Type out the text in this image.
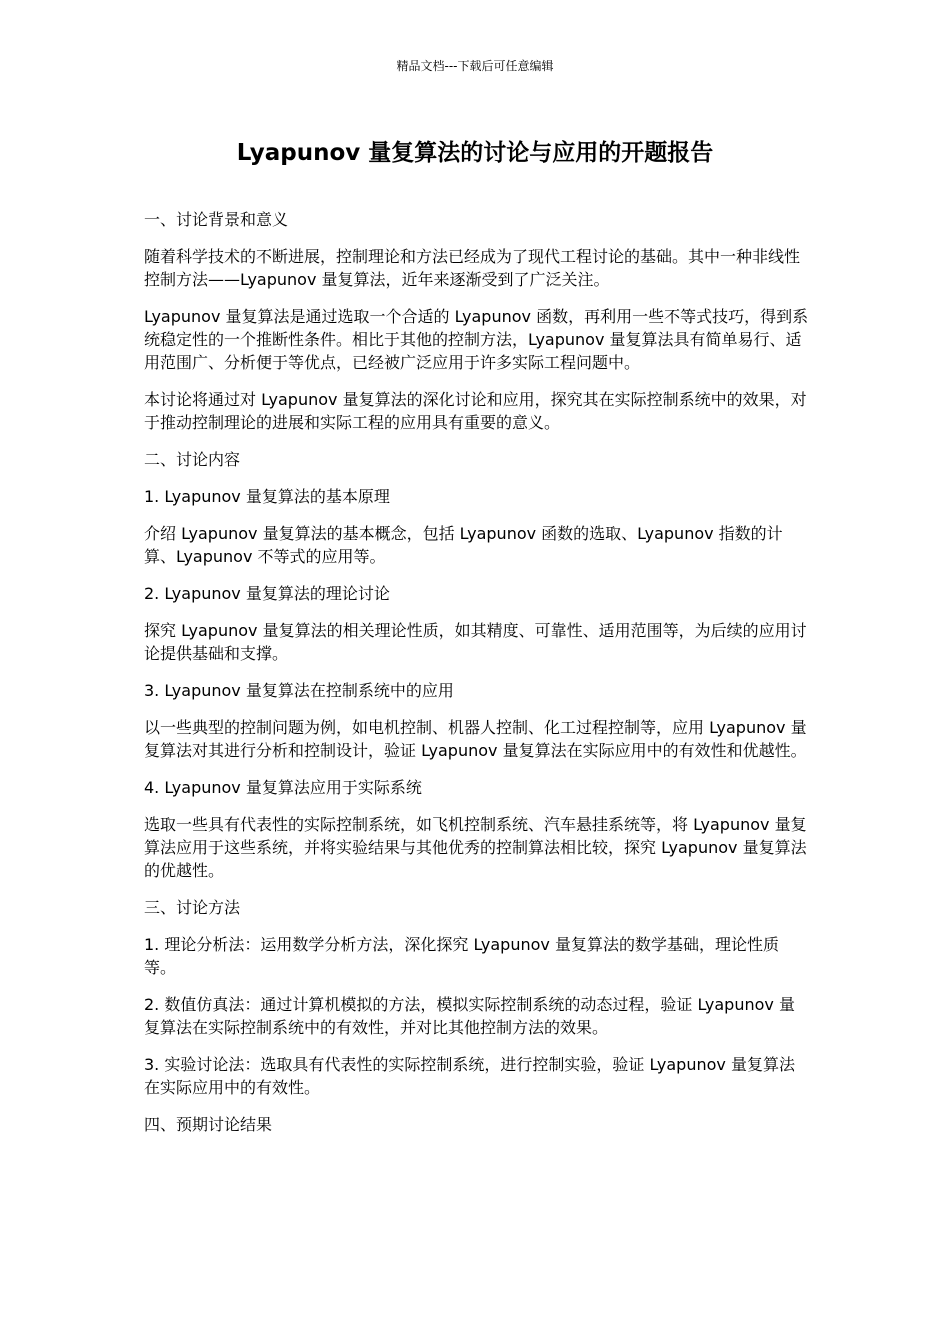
精品文档---下载后可任意编辑
Lyapunov 量复算法的讨论与应用的开题报告

一、讨论背景和意义

随着科学技术的不断进展，控制理论和方法已经成为了现代工程讨论的基础。其中一种非线性控制方法——Lyapunov 量复算法，近年来逐渐受到了广泛关注。

Lyapunov 量复算法是通过选取一个合适的 Lyapunov 函数，再利用一些不等式技巧，得到系统稳定性的一个推断性条件。相比于其他的控制方法，Lyapunov 量复算法具有简单易行、适用范围广、分析便于等优点，已经被广泛应用于许多实际工程问题中。

本讨论将通过对 Lyapunov 量复算法的深化讨论和应用，探究其在实际控制系统中的效果，对于推动控制理论的进展和实际工程的应用具有重要的意义。

二、讨论内容

1. Lyapunov 量复算法的基本原理

介绍 Lyapunov 量复算法的基本概念，包括 Lyapunov 函数的选取、Lyapunov 指数的计算、Lyapunov 不等式的应用等。

2. Lyapunov 量复算法的理论讨论

探究 Lyapunov 量复算法的相关理论性质，如其精度、可靠性、适用范围等，为后续的应用讨论提供基础和支撑。

3. Lyapunov 量复算法在控制系统中的应用

以一些典型的控制问题为例，如电机控制、机器人控制、化工过程控制等，应用 Lyapunov 量复算法对其进行分析和控制设计，验证 Lyapunov 量复算法在实际应用中的有效性和优越性。

4. Lyapunov 量复算法应用于实际系统

选取一些具有代表性的实际控制系统，如飞机控制系统、汽车悬挂系统等，将 Lyapunov 量复算法应用于这些系统，并将实验结果与其他优秀的控制算法相比较，探究 Lyapunov 量复算法的优越性。

三、讨论方法

1. 理论分析法：运用数学分析方法，深化探究 Lyapunov 量复算法的数学基础，理论性质等。

2. 数值仿真法：通过计算机模拟的方法，模拟实际控制系统的动态过程，验证 Lyapunov 量复算法在实际控制系统中的有效性，并对比其他控制方法的效果。

3. 实验讨论法：选取具有代表性的实际控制系统，进行控制实验，验证 Lyapunov 量复算法在实际应用中的有效性。

四、预期讨论结果
